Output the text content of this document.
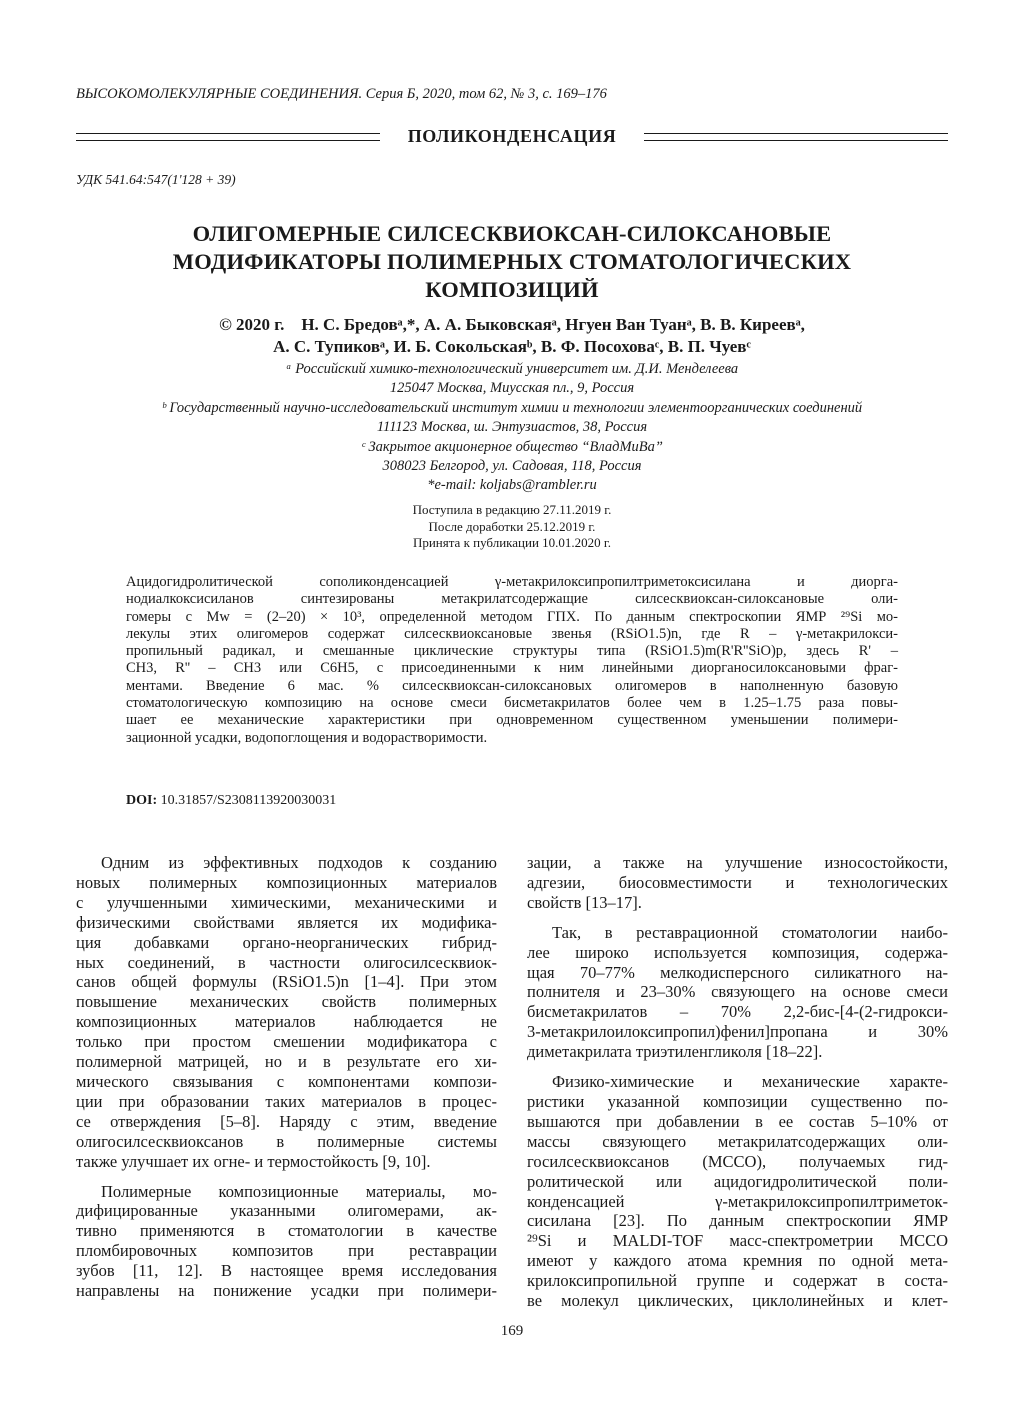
ВЫСОКОМОЛЕКУЛЯРНЫЕ СОЕДИНЕНИЯ. Серия Б, 2020, том 62, № 3, с. 169–176
ПОЛИКОНДЕНСАЦИЯ
УДК 541.64:547(1'128 + 39)
ОЛИГОМЕРНЫЕ СИЛСЕСКВИОКСАН-СИЛОКСАНОВЫЕ
МОДИФИКАТОРЫ ПОЛИМЕРНЫХ СТОМАТОЛОГИЧЕСКИХ
КОМПОЗИЦИЙ
© 2020 г.    Н. С. Бредовᵃ,*, А. А. Быковскаяᵃ, Нгуен Ван Туанᵃ, В. В. Киреевᵃ,
А. С. Тупиковᵃ, И. Б. Сокольскаяᵇ, В. Ф. Посоховаᶜ, В. П. Чуевᶜ
ᵃ Российский химико-технологический университет им. Д.И. Менделеева
125047 Москва, Миусская пл., 9, Россия
ᵇ Государственный научно-исследовательский институт химии и технологии элементоорганических соединений
111123 Москва, ш. Энтузиастов, 38, Россия
ᶜ Закрытое акционерное общество “ВладМиВа”
308023 Белгород, ул. Садовая, 118, Россия
*e-mail: koljabs@rambler.ru
Поступила в редакцию 27.11.2019 г.
После доработки 25.12.2019 г.
Принята к публикации 10.01.2020 г.
Ацидогидролитической сополиконденсацией γ-метакрилоксипропилтриметоксисилана и диорга-
нодиалкоксисиланов синтезированы метакрилатсодержащие силсесквиоксан-силоксановые оли-
гомеры с Mw = (2–20) × 10³, определенной методом ГПХ. По данным спектроскопии ЯМР ²⁹Si мо-
лекулы этих олигомеров содержат силсесквиоксановые звенья (RSiO1.5)n, где R – γ-метакрилокси-
пропильный радикал, и смешанные циклические структуры типа (RSiO1.5)m(R'R''SiO)p, здесь R' –
CH3, R'' – CH3 или C6H5, с присоединенными к ним линейными диорганосилоксановыми фраг-
ментами. Введение 6 мас. % силсесквиоксан-силоксановых олигомеров в наполненную базовую
стоматологическую композицию на основе смеси бисметакрилатов более чем в 1.25–1.75 раза повы-
шает ее механические характеристики при одновременном существенном уменьшении полимери-
зационной усадки, водопоглощения и водорастворимости.
DOI: 10.31857/S2308113920030031
Одним из эффективных подходов к созданию
новых полимерных композиционных материалов
с улучшенными химическими, механическими и
физическими свойствами является их модифика-
ция добавками органо-неорганических гибрид-
ных соединений, в частности олигосилсесквиок-
санов общей формулы (RSiO1.5)n [1–4]. При этом
повышение механических свойств полимерных
композиционных материалов наблюдается не
только при простом смешении модификатора с
полимерной матрицей, но и в результате его хи-
мического связывания с компонентами компози-
ции при образовании таких материалов в процес-
се отверждения [5–8]. Наряду с этим, введение
олигосилсесквиоксанов в полимерные системы
также улучшает их огне- и термостойкость [9, 10].
Полимерные композиционные материалы, мо-
дифицированные указанными олигомерами, ак-
тивно применяются в стоматологии в качестве
пломбировочных композитов при реставрации
зубов [11, 12]. В настоящее время исследования
направлены на понижение усадки при полимери-
зации, а также на улучшение износостойкости,
адгезии, биосовместимости и технологических
свойств [13–17].
Так, в реставрационной стоматологии наибо-
лее широко используется композиция, содержа-
щая 70–77% мелкодисперсного силикатного на-
полнителя и 23–30% связующего на основе смеси
бисметакрилатов – 70% 2,2-бис-[4-(2-гидрокси-
3-метакрилоилоксипропил)фенил]пропана и 30%
диметакрилата триэтиленгликоля [18–22].
Физико-химические и механические характе-
ристики указанной композиции существенно по-
вышаются при добавлении в ее состав 5–10% от
массы связующего метакрилатсодержащих оли-
госилсесквиоксанов (МССО), получаемых гид-
ролитической или ацидогидролитической поли-
конденсацией γ-метакрилоксипропилтриметок-
сисилана [23]. По данным спектроскопии ЯМР
²⁹Si и MALDI-TOF масс-спектрометрии МССО
имеют у каждого атома кремния по одной мета-
крилоксипропильной группе и содержат в соста-
ве молекул циклических, циклолинейных и клет-
169
